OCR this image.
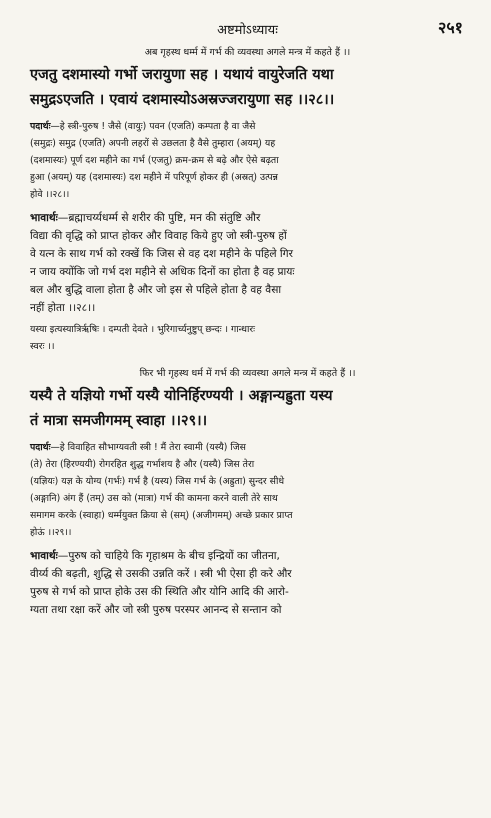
अष्टमोऽध्यायः	२५१

अब गृहस्थ धर्म्म में गर्भ की व्यवस्था अगले मन्त्र में कहते हैं ।।

एजतु दशमास्यो गर्भो जरायुणा सह । यथायं वायुरेजति यथा
समुद्रऽएजति । एवायं दशमास्योऽअस्रज्जरायुणा सह ।।२८।।
पदार्थः—हे स्त्री-पुरुष ! जैसे (वायुः) पवन (एजति) कम्पता है वा जैसे
(समुद्रः) समुद्र (एजति) अपनी लहरों से उछलता है वैसे तुम्हारा (अयम्) यह
(दशमास्यः) पूर्ण दश महीने का गर्भ (एजतु) क्रम-क्रम से बढ़े और ऐसे बढ़ता
हुआ (अयम्) यह (दशमास्यः) दश महीने में परिपूर्ण होकर ही (अस्रत्) उत्पन्न
होवे ।।२८।।
भावार्थः—ब्रह्माचर्य्यधर्म्म से शरीर की पुष्टि, मन की संतुष्टि और
विद्या की वृद्धि को प्राप्त होकर और विवाह किये हुए जो स्त्री-पुरुष हों
वे यत्न के साथ गर्भ को रक्खें कि जिस से वह दश महीने के पहिले गिर
न जाय क्योंकि जो गर्भ दश महीने से अधिक दिनों का होता है वह प्रायः
बल और बुद्धि वाला होता है और जो इस से पहिले होता है वह वैसा
नहीं होता ।।२८।।
यस्या इत्यस्यात्रिर्ऋषिः । दम्पती देवते । भुरिगार्च्यनुष्टुप् छन्दः । गान्धारः
स्वरः ।।

फिर भी गृहस्थ धर्म में गर्भ की व्यवस्था अगले मन्त्र में कहते हैं ।।

यस्यै ते यज्ञियो गर्भो यस्यै योनिर्हिरण्ययी । अङ्गान्यह्रुता यस्य
तं मात्रा समजीगमम् स्वाहा ।।२९।।
पदार्थः—हे विवाहित सौभाग्यवती स्त्री ! मैं तेरा स्वामी (यस्यै) जिस
(ते) तेरा (हिरण्ययी) रोगरहित शुद्ध गर्भाशय है और (यस्यै) जिस तेरा
(यज्ञियः) यज्ञ के योग्य (गर्भः) गर्भ है (यस्य) जिस गर्भ के (अह्रुता) सुन्दर सीधे
(अङ्गानि) अंग हैं (तम्) उस को (मात्रा) गर्भ की कामना करने वाली तेरे साथ
समागम करके (स्वाहा) धर्म्मयुक्त क्रिया से (सम्) (अजीगमम्) अच्छे प्रकार प्राप्त
होऊं ।।२९।।
भावार्थः—पुरुष को चाहिये कि गृहाश्रम के बीच इन्द्रियों का जीतना,
वीर्य्य की बढ़ती, शुद्धि से उसकी उन्नति करें । स्त्री भी ऐसा ही करे और
पुरुष से गर्भ को प्राप्त होके उस की स्थिति और योनि आदि की आरो-
ग्यता तथा रक्षा करें और जो स्त्री पुरुष परस्पर आनन्द से सन्तान को
